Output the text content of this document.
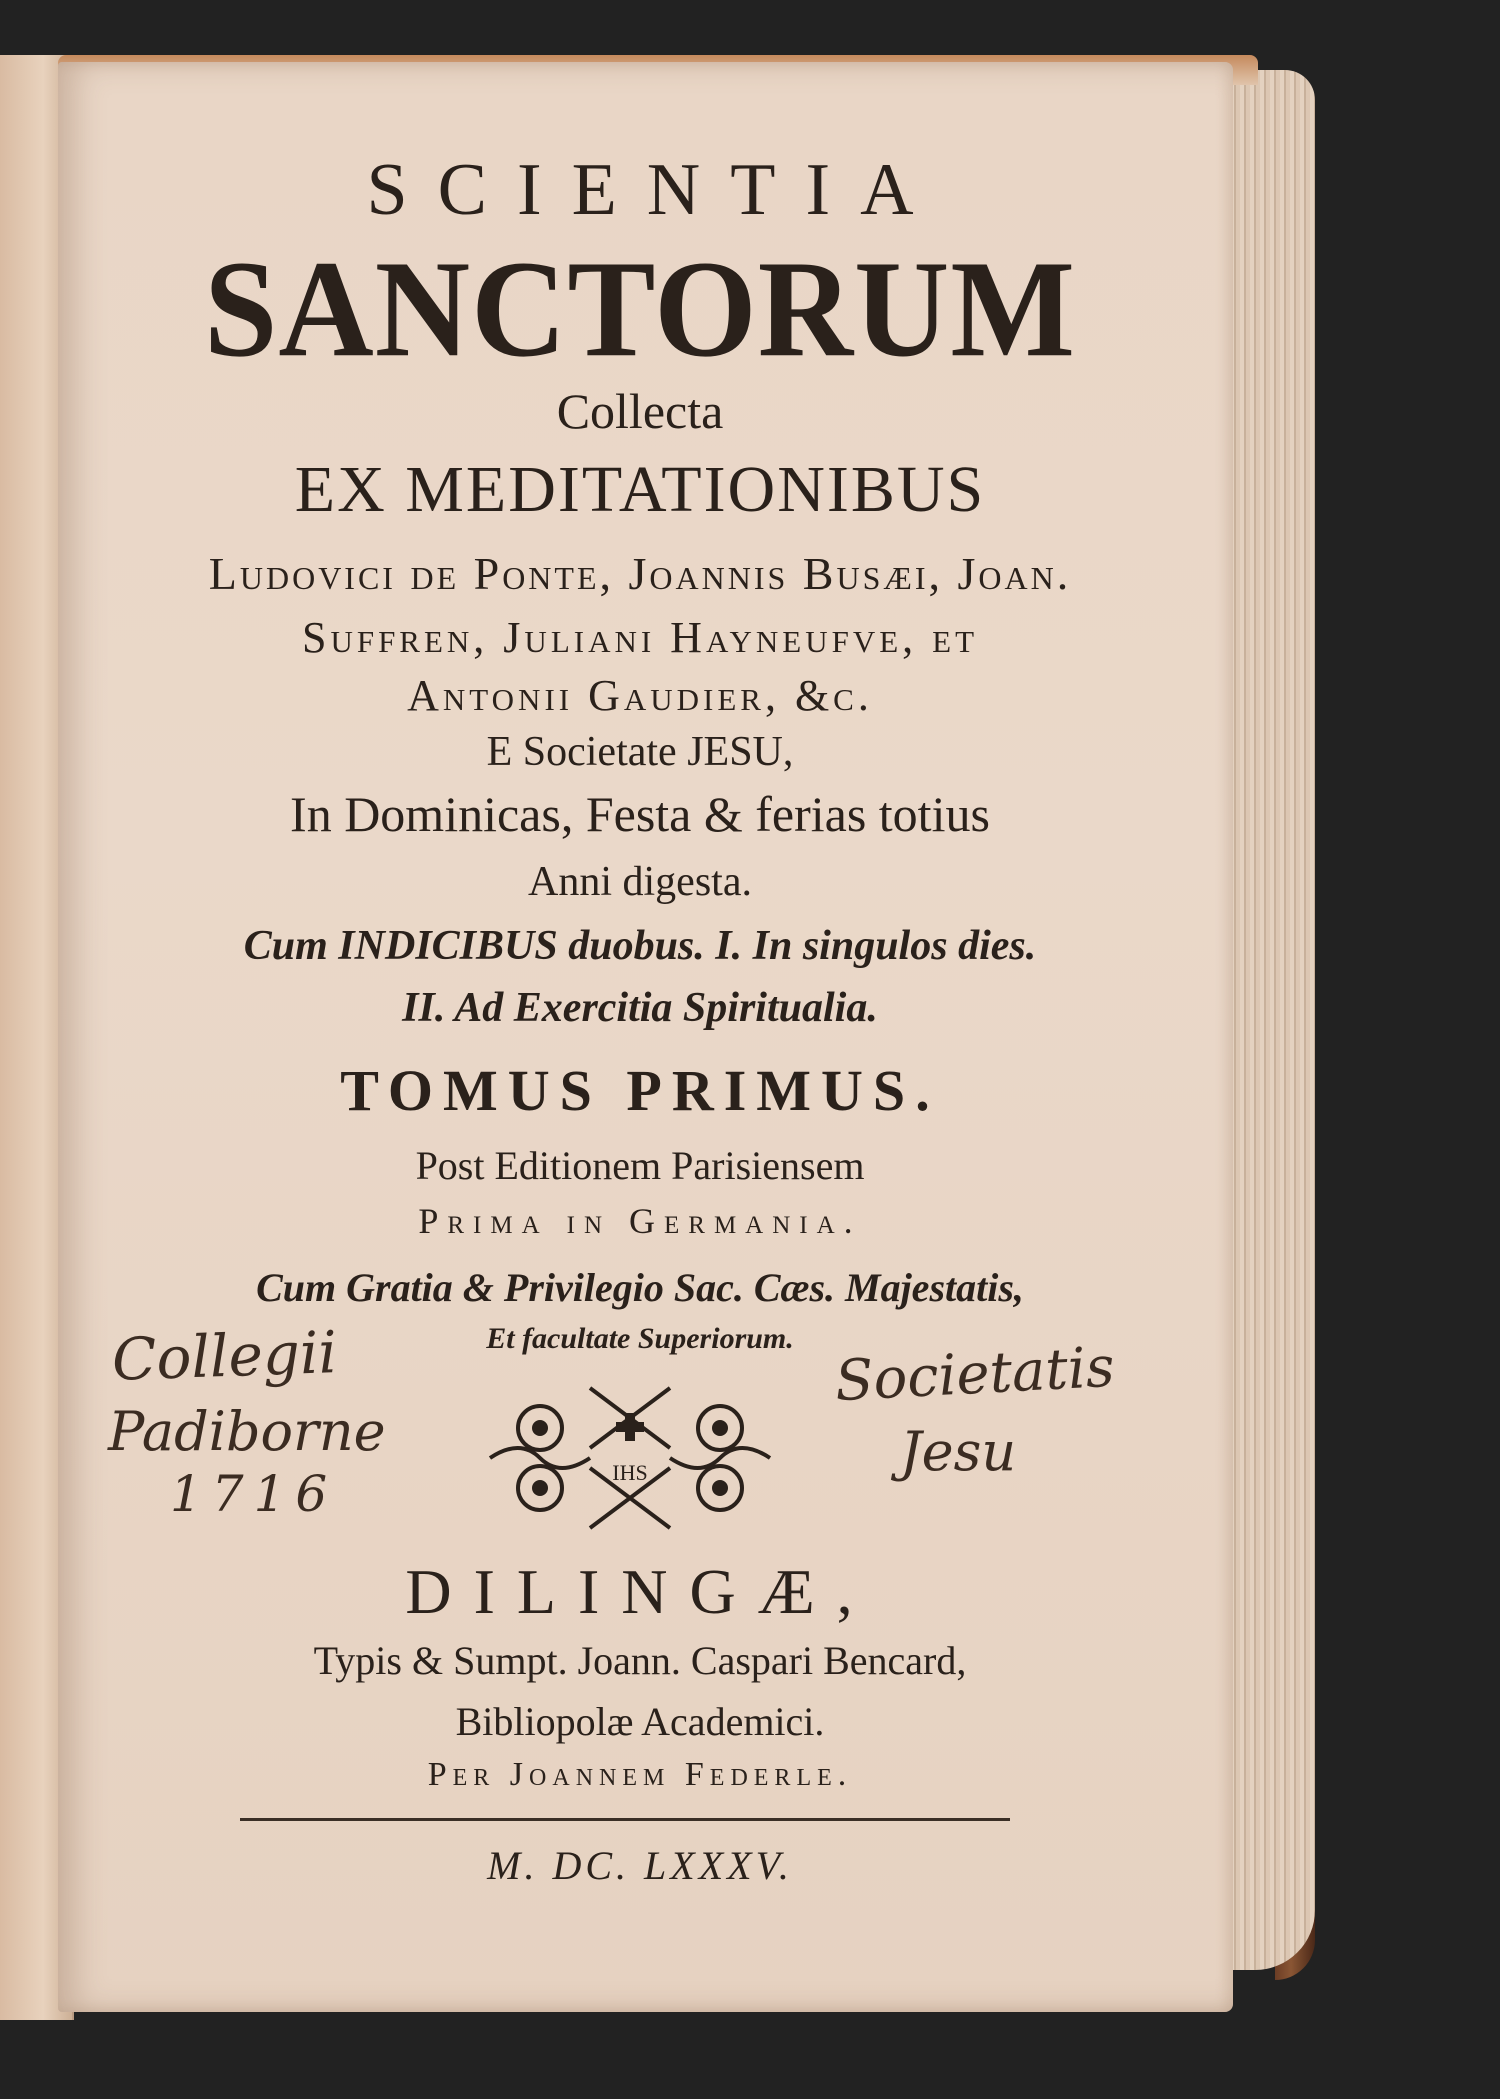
SCIENTIA

SANCTORUM

Collecta

EX MEDITATIONIBUS

Ludovici de Ponte, Joannis Busæi, Joan.

Suffren, Juliani Hayneufve, et

Antonii Gaudier, &c.

E Societate JESU,

In Dominicas, Festa & ferias totius

Anni digesta.

Cum INDICIBUS duobus. I. In singulos dies.

II. Ad Exercitia Spiritualia.

TOMUS PRIMUS.

Post Editionem Parisiensem

Prima in Germania.

Cum Gratia & Privilegio Sac. Cæs. Majestatis,

Et facultate Superiorum.

Collegii

Padiborne

1716

Societatis

Jesu

IHS

DILINGÆ,

Typis & Sumpt. Joann. Caspari Bencard,

Bibliopolæ Academici.

Per Joannem Federle.

M. DC. LXXXV.
